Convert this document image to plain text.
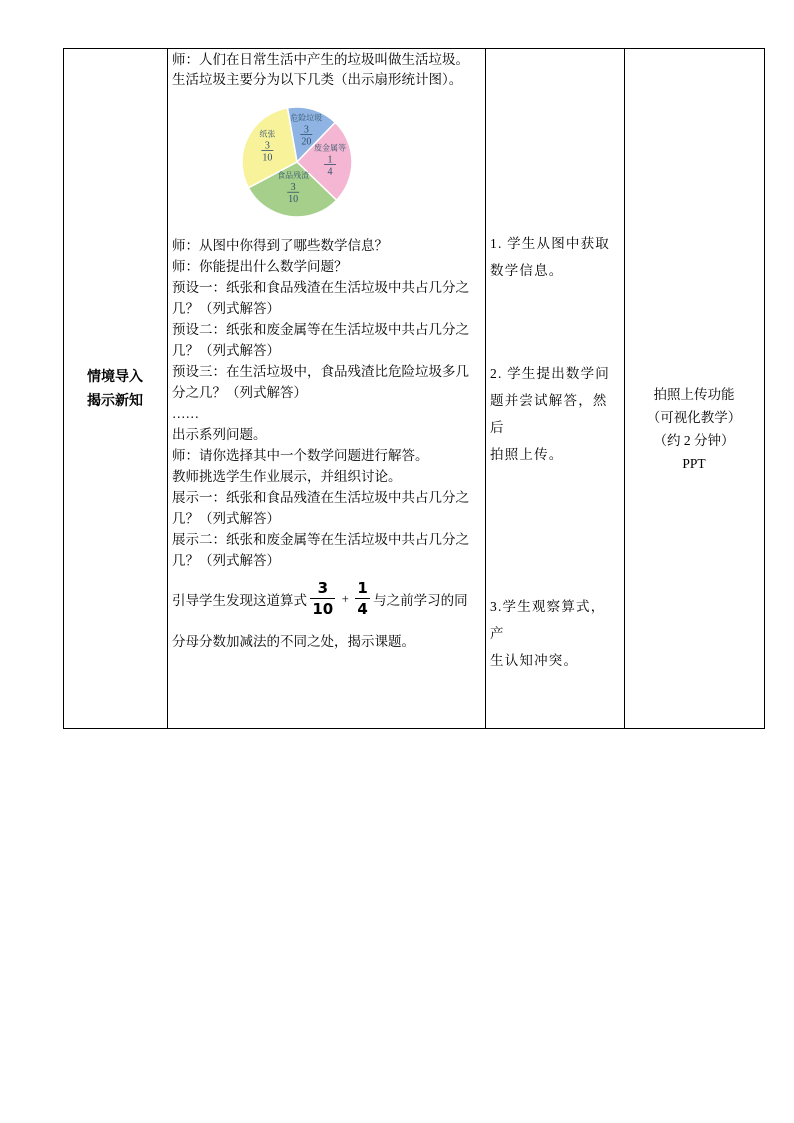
情境导入
揭示新知
师：人们在日常生活中产生的垃圾叫做生活垃圾。
生活垃圾主要分为以下几类（出示扇形统计图）。
危险垃圾
3
20
废金属等
1
4
食品残渣
3
10
纸张
3
10
师：从图中你得到了哪些数学信息？
师：你能提出什么数学问题？
预设一：纸张和食品残渣在生活垃圾中共占几分之
几？（列式解答）
预设二：纸张和废金属等在生活垃圾中共占几分之
几？（列式解答）
预设三：在生活垃圾中，食品残渣比危险垃圾多几
分之几？（列式解答）
……
出示系列问题。
师：请你选择其中一个数学问题进行解答。
教师挑选学生作业展示，并组织讨论。
展示一：纸张和食品残渣在生活垃圾中共占几分之
几？（列式解答）
展示二：纸张和废金属等在生活垃圾中共占几分之
几？（列式解答）
引导学生发现这道算式 $\frac{3}{10} + \frac{1}{4}$ 与之前学习的同
分母分数加减法的不同之处，揭示课题。
1. 学生从图中获取
数学信息。
2. 学生提出数学问
题并尝试解答，然后
拍照上传。
3.学生观察算式，产
生认知冲突。
拍照上传功能
（可视化教学）
（约 2 分钟）
PPT
